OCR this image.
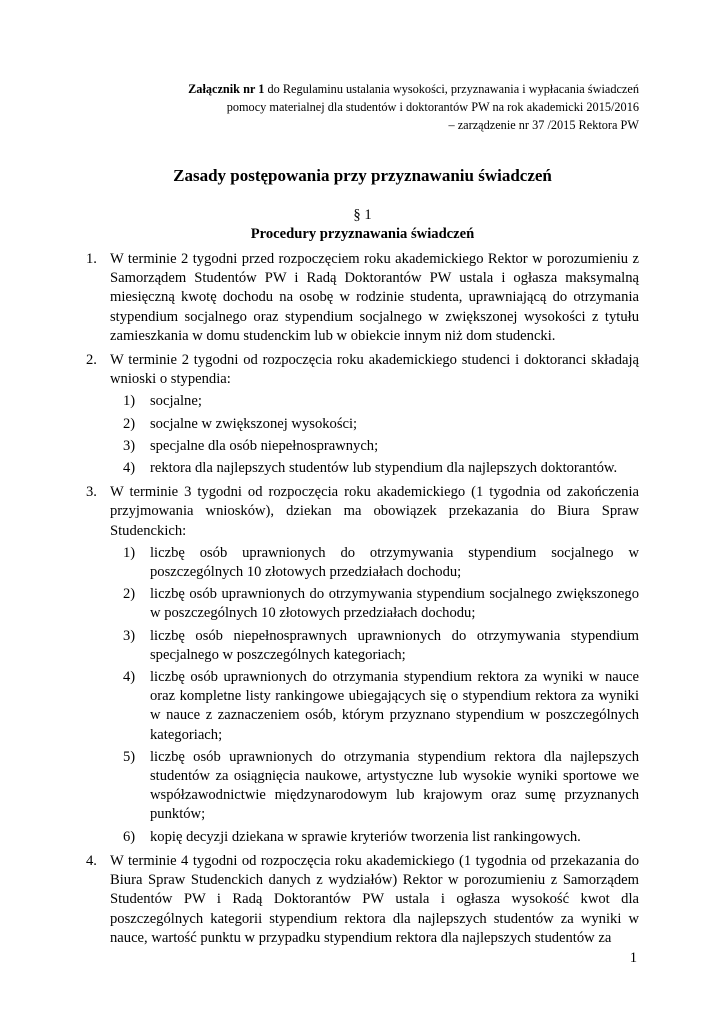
Załącznik nr 1 do Regulaminu ustalania wysokości, przyznawania i wypłacania świadczeń
pomocy materialnej dla studentów i doktorantów PW na rok akademicki 2015/2016
– zarządzenie nr 37 /2015 Rektora PW
Zasady postępowania przy przyznawaniu świadczeń
§ 1
Procedury przyznawania świadczeń
1. W terminie 2 tygodni przed rozpoczęciem roku akademickiego Rektor w porozumieniu z Samorządem Studentów PW i Radą Doktorantów PW ustala i ogłasza maksymalną miesięczną kwotę dochodu na osobę w rodzinie studenta, uprawniającą do otrzymania stypendium socjalnego oraz stypendium socjalnego w zwiększonej wysokości z tytułu zamieszkania w domu studenckim lub w obiekcie innym niż dom studencki.
2. W terminie 2 tygodni od rozpoczęcia roku akademickiego studenci i doktoranci składają wnioski o stypendia:
1) socjalne;
2) socjalne w zwiększonej wysokości;
3) specjalne dla osób niepełnosprawnych;
4) rektora dla najlepszych studentów lub stypendium dla najlepszych doktorantów.
3. W terminie 3 tygodni od rozpoczęcia roku akademickiego (1 tygodnia od zakończenia przyjmowania wniosków), dziekan ma obowiązek przekazania do Biura Spraw Studenckich:
1) liczbę osób uprawnionych do otrzymywania stypendium socjalnego w poszczególnych 10 złotowych przedziałach dochodu;
2) liczbę osób uprawnionych do otrzymywania stypendium socjalnego zwiększonego w poszczególnych 10 złotowych przedziałach dochodu;
3) liczbę osób niepełnosprawnych uprawnionych do otrzymywania stypendium specjalnego w poszczególnych kategoriach;
4) liczbę osób uprawnionych do otrzymania stypendium rektora za wyniki w nauce oraz kompletne listy rankingowe ubiegających się o stypendium rektora za wyniki w nauce z zaznaczeniem osób, którym przyznano stypendium w poszczególnych kategoriach;
5) liczbę osób uprawnionych do otrzymania stypendium rektora dla najlepszych studentów za osiągnięcia naukowe, artystyczne lub wysokie wyniki sportowe we współzawodnictwie międzynarodowym lub krajowym oraz sumę przyznanych punktów;
6) kopię decyzji dziekana w sprawie kryteriów tworzenia list rankingowych.
4. W terminie 4 tygodni od rozpoczęcia roku akademickiego (1 tygodnia od przekazania do Biura Spraw Studenckich danych z wydziałów) Rektor w porozumieniu z Samorządem Studentów PW i Radą Doktorantów PW ustala i ogłasza wysokość kwot dla poszczególnych kategorii stypendium rektora dla najlepszych studentów za wyniki w nauce, wartość punktu w przypadku stypendium rektora dla najlepszych studentów za
1
